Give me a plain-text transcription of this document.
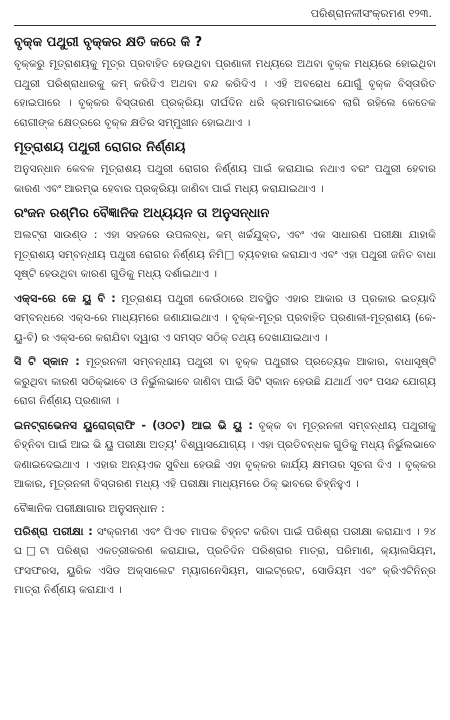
ପରିଶ୍ରାନଳୀସଂକ୍ରମଣ ୧୨୩.
ବୃକ୍କ ପଥୁରୀ ବୃକ୍କର କ୍ଷତି କରେ କି ?

ବୃକ୍କରୁ ମୂତ୍ରାଶୟକୁ ମୂତ୍ର ପ୍ରବାହିତ ହେଉଥିବା ପ୍ରଣାଳୀ ମଧ୍ୟରେ ଅଥବା ବୃକ୍କ ମଧ୍ୟରେ ହୋଇଥିବା ପଥୁରୀ ପରିଶ୍ରାଧାରକୁ କମ୍ କରିଦିଏ ଅଥବା ବନ୍ଦ କରିଦିଏ । ଏହି ଅବରୋଧ ଯୋଗୁଁ ବୃକ୍କ ବିସ୍ତାରିତ ହୋଇପାରେ । ବୃକ୍କର ବିସ୍ତାରଣ ପ୍ରକ୍ରିୟା ଦୀର୍ଘଦିନ ଧରି କ୍ରମାଗତଭାବେ ଲାଗି ରହିଲେ କେତେକ ରୋଗୀଙ୍କ କ୍ଷେତ୍ରରେ ବୃକ୍କ କ୍ଷତିର ସମ୍ମୁଖୀନ ହୋଇଥାଏ ।

ମୂତ୍ରାଶୟ ପଥୁରୀ ରୋଗର ନିର୍ଣ୍ଣୟ

ଅନୁସନ୍ଧାନ କେବଳ ମୂତ୍ରାଶୟ ପଥୁରୀ ରୋଗର ନିର୍ଣ୍ଣୟ ପାଇଁ କରାଯାଇ ନଥାଏ ବରଂ ପଥୁରୀ ହେବାର କାରଣ ଏବଂ ଆରମ୍ଭ ହେବାର ପ୍ରକ୍ରିୟା ଜାଣିବା ପାଇଁ ମଧ୍ୟ କରାଯାଇଥାଏ ।

ରଂଜନ ରଶ୍ମିର ବୈଜ୍ଞାନିକ ଅଧ୍ୟୟନ ତା ଅନୁସନ୍ଧାନ

ଅଲଟ୍ରା ସାଉଣ୍ଡ : ଏହା ସହଜରେ ଉପଲବ୍ଧ, କମ୍ ଖର୍ଚ୍ଚଯୁକ୍ତ, ଏବଂ ଏକ ସାଧାରଣ ପରୀକ୍ଷା ଯାହାକି ମୂତ୍ରାଶୟ ସମ୍ବନ୍ଧୀୟ ପଥୁରୀ ରୋଗର ନିର୍ଣ୍ଣୟ ନିମି□ ବ୍ୟବହାର କରାଯାଏ ଏବଂ ଏହା ପଥୁରୀ ଜନିତ ବାଧା ସୃଷ୍ଟି ହେଉଥିବା କାରଣ ଗୁଡିକୁ ମଧ୍ୟ ଦର୍ଶାଇଥାଏ ।

ଏକ୍ସ-ରେ କେ ୟୁ ବି : ମୂତ୍ରାଶୟ ପଥୁରୀ କେଉଁଠାରେ ଅବସ୍ଥିତ ଏହାର ଆକାର ଓ ପ୍ରକାର ଇତ୍ୟାଦି ସମ୍ବନ୍ଧରେ ଏକ୍ସ-ରେ ମାଧ୍ୟମରେ ଜଣାଯାଇଥାଏ । ବୃକ୍କ-ମୂତ୍ର ପ୍ରବାହିତ ପ୍ରଣାଳୀ-ମୂତ୍ରାଶୟ (କେ-ୟୁ-ବି) ର ଏକ୍ସ-ରେ କରାଯିବା ଦ୍ୱାରା ଏ ସମସ୍ତ ସଠିକ୍ ତଥ୍ୟ ଦେଖାଯାଇଥାଏ ।

ସି ଟି ସ୍କାନ : ମୂତ୍ରନଳୀ ସମ୍ବନ୍ଧୀୟ ପଥୁରୀ ବା ବୃକ୍କ ପଥୁରୀର ପ୍ରତ୍ୟେକ ଆକାର, ବାଧାସୃଷ୍ଟି କରୁଥିବା କାରଣ ସଠିକ୍ଭାବେ ଓ ନିର୍ଭୁଲଭାବେ ଜାଣିବା ପାଇଁ ସିଟି ସ୍କାନ ହେଉଛି ଯଥାର୍ଥ ଏବଂ ପସନ୍ଦ ଯୋଗ୍ୟ ରୋଗ ନିର୍ଣ୍ଣୟ ପ୍ରଣାଳୀ ।

ଇନଟ୍ରାଭେନସ ୟୁରୋଗ୍ରାଫି - (ଓଠଟ) ଆଇ ଭି ୟୁ : ବୃକ୍କ ବା ମୂତ୍ରନଳୀ ସମ୍ବନ୍ଧୀୟ ପଥୁରୀକୁ ଚିହ୍ନିବା ପାଇଁ ଆଇ ଭି ୟୁ ପରୀକ୍ଷା ଅତ୍ୟ' ବିଶ୍ୱାସଯୋଗ୍ୟ । ଏହା ପ୍ରତିବନ୍ଧକ ଗୁଡିକୁ ମଧ୍ୟ ନିର୍ଭୁଲଭାବେ ଜଣାଇଦେଇଥାଏ । ଏହାର ଅନ୍ୟଏକ ସୁବିଧା ହେଉଛି ଏହା ବୃକ୍କର କାର୍ଯ୍ୟ କ୍ଷମତାର ସୂଚନା ଦିଏ । ବୃକ୍କର ଆକାର, ମୂତ୍ରନଳୀ ବିସ୍ତାରଣ ମଧ୍ୟ ଏହି ପରୀକ୍ଷା ମାଧ୍ୟମରେ ଠିକ୍ ଭାବରେ ଚିହ୍ନିହୁଏ ।

ବୈଜ୍ଞାନିକ ପରୀକ୍ଷାଗାର ଅନୁସନ୍ଧାନ :

ପରିଶ୍ରା ପରୀକ୍ଷା : ସଂକ୍ରମଣ ଏବଂ ପିଏଚ ମାପକ ଚିହ୍ନଟ କରିବା ପାଇଁ ପରିଶ୍ରା ପରୀକ୍ଷା କରାଯାଏ । ୨୪ ଘ□ଟା ପରିଶ୍ରା ଏକତ୍ରୀକରଣ କରାଯାଇ, ପ୍ରତିଦିନ ପରିଶ୍ରାର ମାତ୍ରା, ପରିମାଣ, କ୍ୟାଲସିୟମ, ଫସଫରସ, ୟୁରିକ ଏସିଡ ଅକ୍ସାଲେଟ ମ୍ୟାଗନେସିୟମ, ସାଇଟ୍ରେଟ, ସୋଡିୟମ ଏବଂ କ୍ରିଏଟିନିନ୍ର ମାତ୍ରା ନିର୍ଣ୍ଣୟ କରାଯାଏ ।
